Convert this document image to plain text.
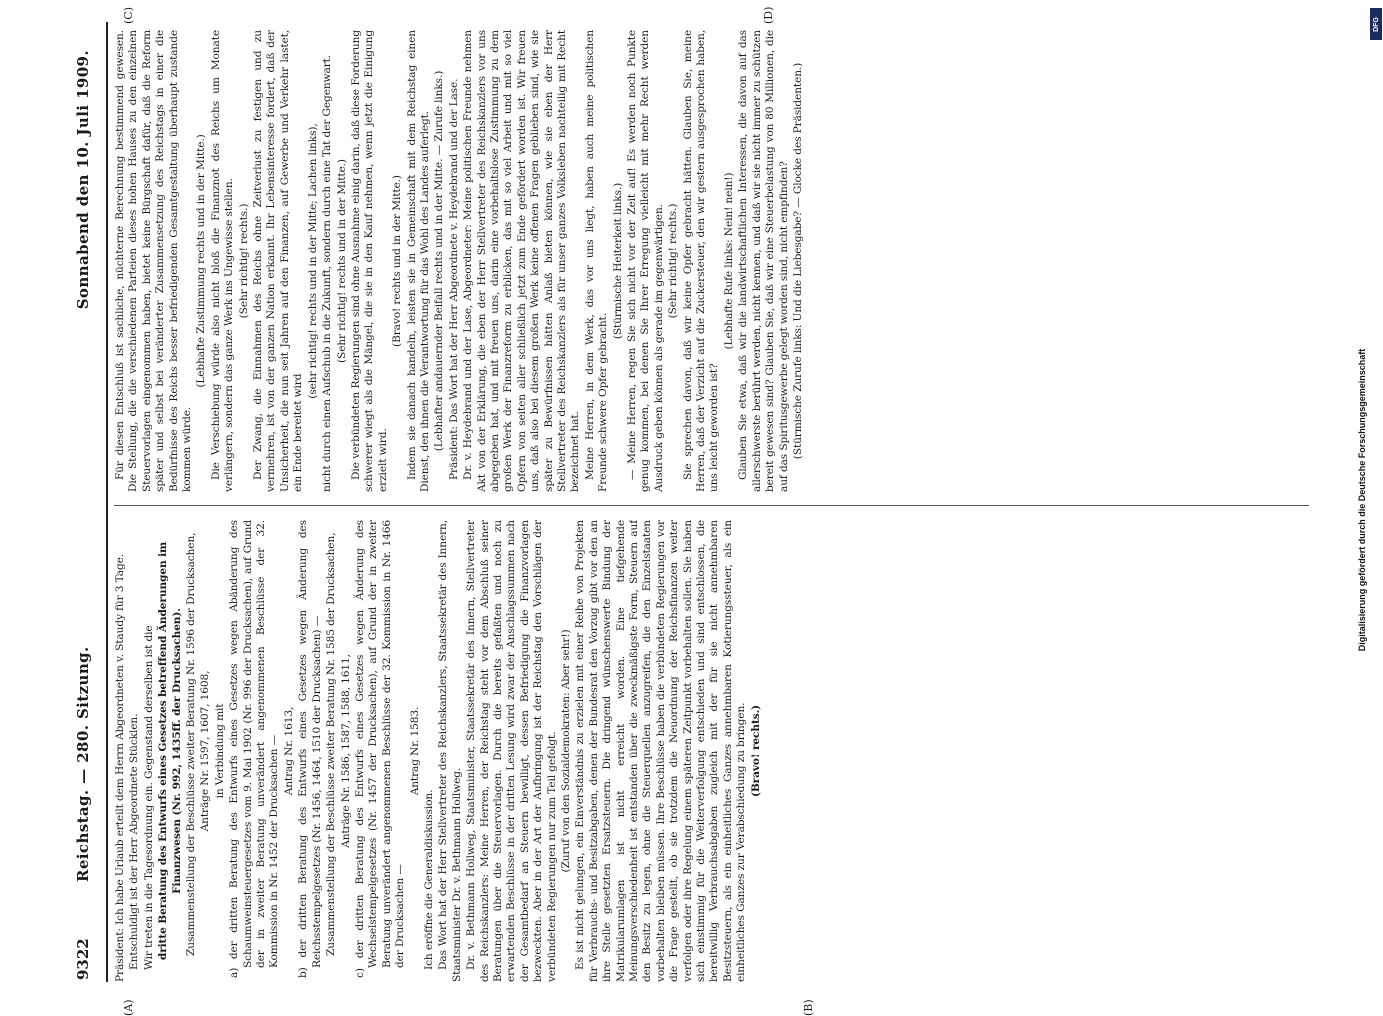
9322
Reichstag. — 280. Sitzung.
Sonnabend den 10. Juli 1909.
(A)	(B)
(C)	(D)

Präsident: Ich habe Urlaub erteilt dem Herrn Abgeordneten v. Staudy für 3 Tage. Entschuldigt ist der Herr Abgeordnete Stücklen. Wir treten in die Tagesordnung ein. Gegenstand derselben ist die dritte Beratung des Entwurfs eines Gesetzes betreffend Änderungen im Finanzwesen (Nr. 992, 1435ff. der Drucksachen). Zusammenstellung der Beschlüsse zweiter Beratung Nr. 1596 der Drucksachen, Anträge Nr. 1597, 1607, 1608, in Verbindung mit a) der dritten Beratung des Entwurfs eines Gesetzes wegen Abänderung des Schaumweinsteuergesetzes vom 9. Mai 1902 (Nr. 996 der Drucksachen), auf Grund der in zweiter Beratung unverändert angenommenen Beschlüsse der 32. Kommission in Nr. 1452 der Drucksachen — Antrag Nr. 1613, b) der dritten Beratung des Entwurfs eines Gesetzes wegen Änderung des Reichsstempelgesetzes (Nr. 1456, 1464, 1510 der Drucksachen) — Zusammenstellung der Beschlüsse zweiter Beratung Nr. 1585 der Drucksachen, Anträge Nr. 1586, 1587, 1588, 1611, c) der dritten Beratung des Entwurfs eines Gesetzes wegen Änderung des Wechselstempelgesetzes (Nr. 1457 der Drucksachen), auf Grund der in zweiter Beratung unverändert angenommenen Beschlüsse der 32. Kommission in Nr. 1466 der Drucksachen —

Antrag Nr. 1583.

Ich eröffne die Generaldiskussion. Das Wort hat der Herr Stellvertreter des Reichskanzlers, Staatssekretär des Innern, Staatsminister Dr. v. Bethmann Hollweg. Dr. v. Bethmann Hollweg, Staatsminister, Staatssekretär des Innern, Stellvertreter des Reichskanzlers: Meine Herren, der Reichstag steht vor dem Abschluß seiner Beratungen über die Steuervorlagen. Durch die bereits gefaßten und noch zu erwartenden Beschlüsse in der dritten Lesung wird zwar der Anschlagssummen nach der Gesamtbedarf an Steuern bewilligt, dessen Befriedigung die Finanzvorlagen bezweckten. Aber in der Art der Aufbringung ist der Reichstag den Vorschlägen der verbündeten Regierungen nur zum Teil gefolgt. (Zuruf von den Sozialdemokraten: Aber sehr!) Es ist nicht gelungen, ein Einverständnis zu erzielen mit einer Reihe von Projekten für Verbrauchs- und Besitzabgaben, denen der Bundesrat den Vorzug gibt vor den an ihre Stelle gesetzten Ersatzsteuern. Die dringend wünschenswerte Bindung der Matrikularumlagen ist nicht erreicht worden. Eine tiefgehende Meinungsverschiedenheit ist entstanden über die zweckmäßigste Form, Steuern auf den Besitz zu legen, ohne die Steuerquellen anzugreifen, die den Einzelstaaten vorbehalten bleiben müssen. Ihre Beschlüsse haben die verbündeten Regierungen vor die Frage gestellt, ob sie trotzdem die Neuordnung der Reichsfinanzen weiter verfolgen oder ihre Regelung einem späteren Zeitpunkt vorbehalten sollen. Sie haben sich einstimmig für die Weiterverfolgung entschieden und sind entschlossen, die bereitwillig Verbrauchsabgaben zugleich mit der für sie nicht annehmbaren Besitzsteuern, als ein einheitliches Ganzes annehmbaren Kotierungssteuer, als ein einheitliches Ganzes zur Verabschiedung zu bringen. (Bravo! rechts.)

Für diesen Entschluß ist sachliche, nüchterne Berechnung bestimmend gewesen. Die Stellung, die die verschiedenen Parteien dieses hohen Hauses zu den einzelnen Steuervorlagen eingenommen haben, bietet keine Bürgschaft dafür, daß die Reform später und selbst bei veränderter Zusammensetzung des Reichstags in einer die Bedürfnisse des Reichs besser befriedigenden Gesamtgestaltung überhaupt zustande kommen würde.

(Lebhafte Zustimmung rechts und in der Mitte.) Die Verschiebung würde also nicht bloß die Finanznot des Reichs um Monate verlängern, sondern das ganze Werk ins Ungewisse stellen. (Sehr richtig! rechts.) Der Zwang, die Einnahmen des Reichs ohne Zeitverlust zu festigen und zu vermehren, ist von der ganzen Nation erkannt. Ihr Lebensinteresse fordert, daß der Unsicherheit, die nun seit Jahren auf den Finanzen, auf Gewerbe und Verkehr lastet, ein Ende bereitet wird

(sehr richtig! rechts und in der Mitte; Lachen links), nicht durch einen Aufschub in die Zukunft, sondern durch eine Tat der Gegenwart. (Sehr richtig! rechts und in der Mitte.) Die verbündeten Regierungen sind ohne Ausnahme einig darin, daß diese Forderung schwerer wiegt als die Mängel, die sie in den Kauf nehmen, wenn jetzt die Einigung erzielt wird.

(Bravo! rechts und in der Mitte.) Indem sie danach handeln, leisten sie in Gemeinschaft mit dem Reichstag einen Dienst, den ihnen die Verantwortung für das Wohl des Landes auferlegt. (Lebhafter andauernder Beifall rechts und in der Mitte. — Zurufe links.) Präsident: Das Wort hat der Herr Abgeordnete v. Heydebrand und der Lase. Dr. v. Heydebrand und der Lase, Abgeordneter: Meine politischen Freunde nehmen Akt von der Erklärung, die eben der Herr Stellvertreter des Reichskanzlers vor uns abgegeben hat, und mit freuen uns, darin eine vorbehaltslose Zustimmung zu dem großen Werk der Finanzreform zu erblicken, das mit so viel Arbeit und mit so viel Opfern von seiten aller schließlich jetzt zum Ende gefördert worden ist. Wir freuen uns, daß also bei diesem großen Werk keine offenen Fragen geblieben sind, wie sie später zu Bewürfnissen hätten Anlaß bieten können, wie sie eben der Herr Stellvertreter des Reichskanzlers als für unser ganzes Volksleben nachteilig mit Recht bezeichnet hat. Meine Herren, in dem Werk, das vor uns liegt, haben auch meine politischen Freunde schwere Opfer gebracht.

(Stürmische Heiterkeit links.) — Meine Herren, regen Sie sich nicht vor der Zeit auf! Es werden noch Punkte genug kommen, bei denen Sie Ihrer Erregung vielleicht mit mehr Recht werden Ausdruck geben können als gerade im gegenwärtigen. (Sehr richtig! rechts.) Sie sprechen davon, daß wir keine Opfer gebracht hätten. Glauben Sie, meine Herren, daß der Verzicht auf die Zuckersteuer, den wir gestern ausgesprochen haben, uns leicht geworden ist?

(Lebhafte Rufe links: Nein! nein!) Glauben Sie etwa, daß wir die landwirtschaftlichen Interessen, die davon auf das allerschwerste berührt werden, nicht kennen, und daß wir sie nicht immer zu schützen bereit gewesen sind? Glauben Sie, daß wir eine Steuerbelastung von 80 Millionen, die auf das Spiritusgewerbe gelegt worden sind, nicht empfinden? (Stürmische Zurufe links: Und die Liebesgabe? — Glocke des Präsidenten.)

DFG
Digitalisierung gefördert durch die Deutsche Forschungsgemeinschaft
